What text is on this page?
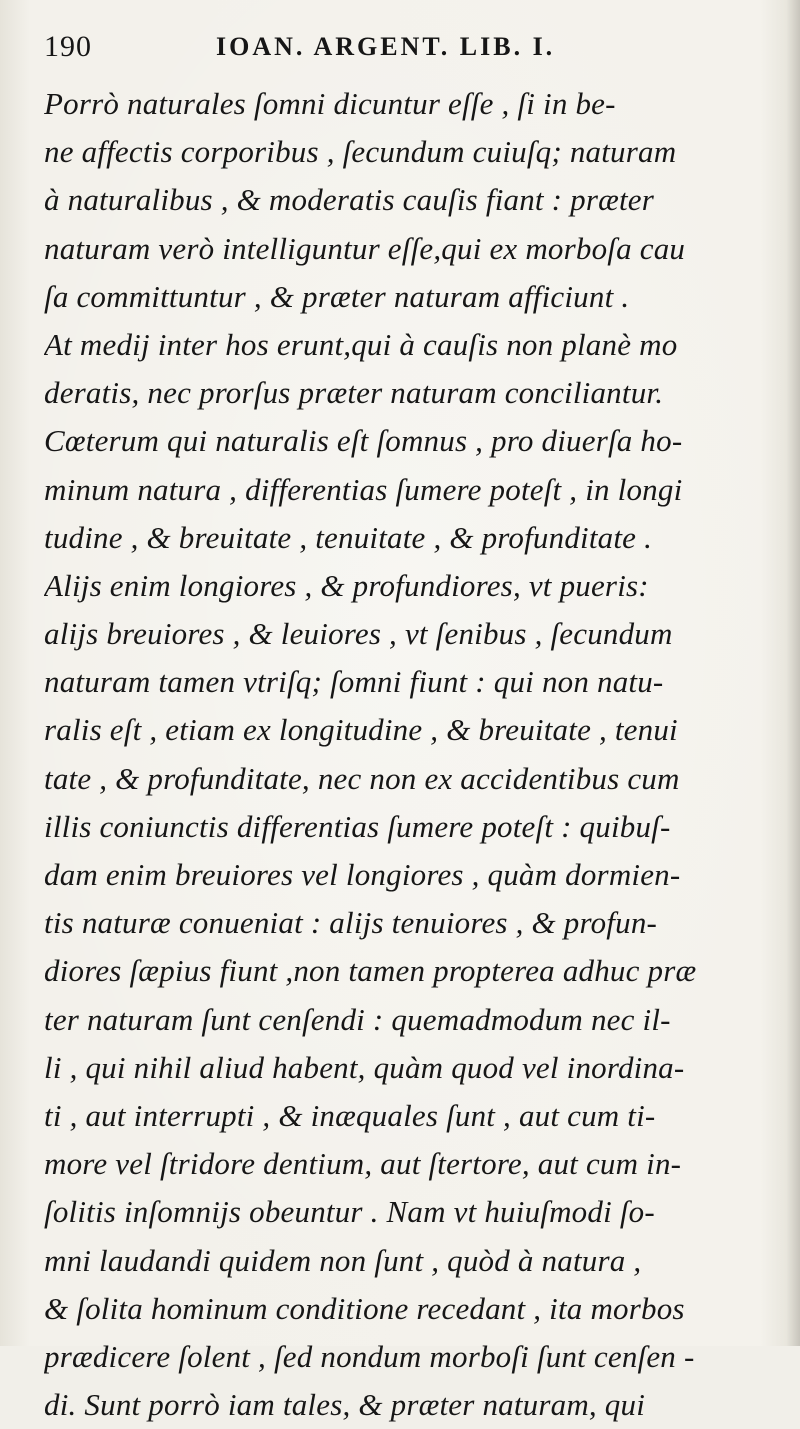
190	IOAN. ARGENT. LIB. I.
Porrò naturales ſomni dicuntur eſſe , ſi in be-
ne affectis corporibus , ſecundum cuiuſq; naturam
à naturalibus , & moderatis cauſis fiant : præter
naturam verò intelliguntur eſſe,qui ex morboſa cau
ſa committuntur , & præter naturam afficiunt .
At medij inter hos erunt,qui à cauſis non planè mo
deratis, nec prorſus præter naturam conciliantur.
Cœterum qui naturalis eſt ſomnus , pro diuerſa ho-
minum natura , differentias ſumere poteſt , in longi
tudine , & breuitate , tenuitate , & profunditate .
Alijs enim longiores , & profundiores, vt pueris:
alijs breuiores , & leuiores , vt ſenibus , ſecundum
naturam tamen vtriſq; ſomni fiunt : qui non natu-
ralis eſt , etiam ex longitudine , & breuitate , tenui
tate , & profunditate, nec non ex accidentibus cum
illis coniunctis differentias ſumere poteſt : quibuſ-
dam enim breuiores vel longiores , quàm dormien-
tis naturæ conueniat : alijs tenuiores , & profun-
diores ſæpius fiunt ,non tamen propterea adhuc præ
ter naturam ſunt cenſendi : quemadmodum nec il-
li , qui nihil aliud habent, quàm quod vel inordina-
ti , aut interrupti , & inæquales ſunt , aut cum ti-
more vel ſtridore dentium, aut ſtertore, aut cum in-
ſolitis inſomnijs obeuntur . Nam vt huiuſmodi ſo-
mni laudandi quidem non ſunt , quòd à natura ,
& ſolita hominum conditione recedant , ita morbos
prædicere ſolent , ſed nondum morboſi ſunt cenſen -
di. Sunt porrò iam tales, & præter naturam, qui
